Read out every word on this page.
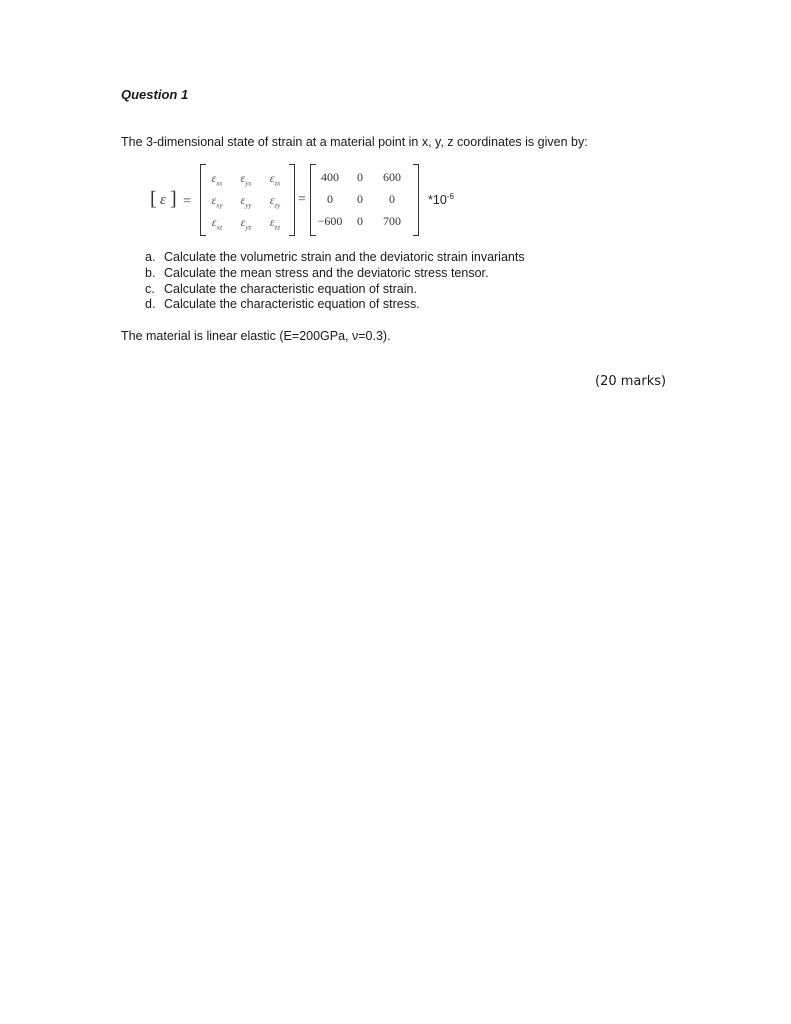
Question 1
The 3-dimensional state of strain at a material point in x, y, z coordinates is given by:
[ ε ] =
$\varepsilon_{xx}$	$\varepsilon_{yx}$	$\varepsilon_{zx}$
$\varepsilon_{xy}$	$\varepsilon_{yy}$	$\varepsilon_{zy}$
$\varepsilon_{xz}$	$\varepsilon_{yz}$	$\varepsilon_{zz}$
=
400	0	600
0	0	0
−600	0	700
$*10^{-6}$
a. Calculate the volumetric strain and the deviatoric strain invariants
b. Calculate the mean stress and the deviatoric stress tensor.
c. Calculate the characteristic equation of strain.
d. Calculate the characteristic equation of stress.
The material is linear elastic (E=200GPa, ν=0.3).
(20 marks)
